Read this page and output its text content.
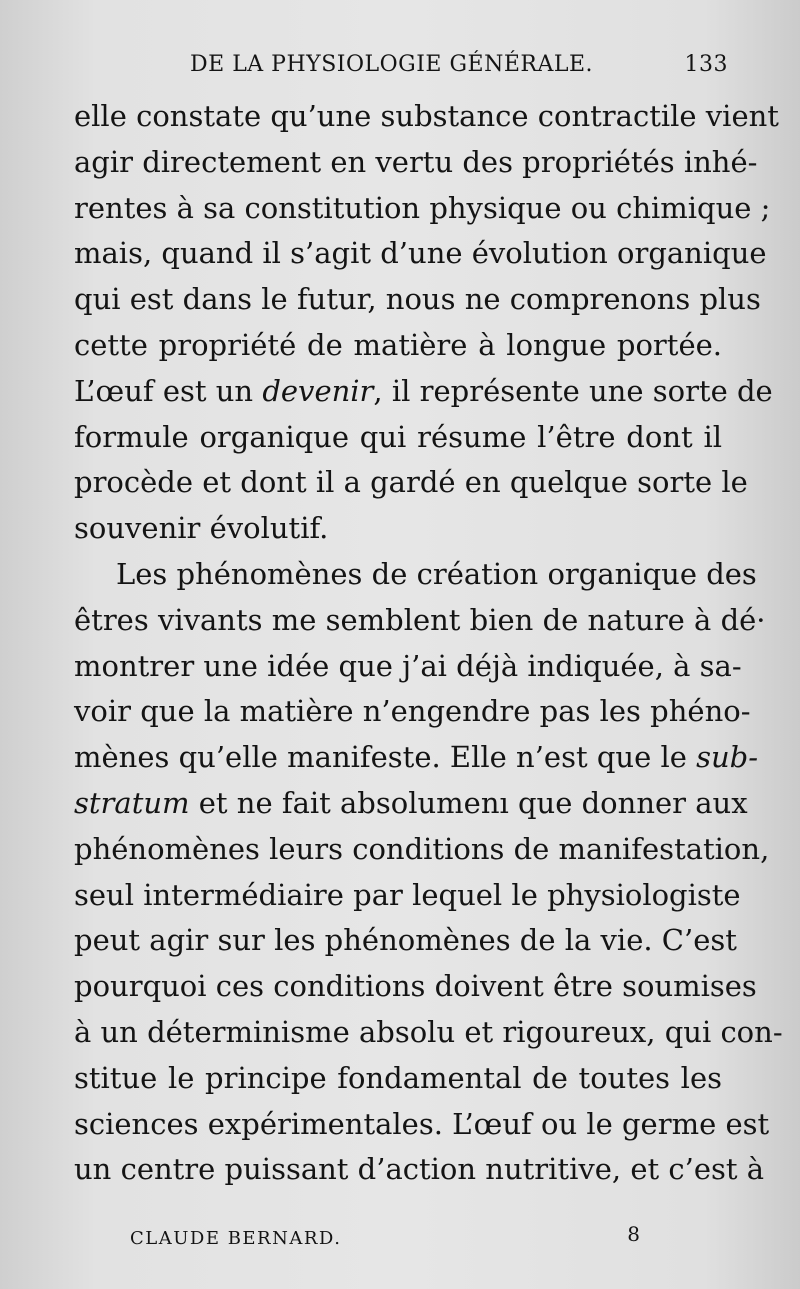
DE LA PHYSIOLOGIE GÉNÉRALE.	133
elle constate qu’une substance contractile vient
agir directement en vertu des propriétés inhé-
rentes à sa constitution physique ou chimique ;
mais, quand il s’agit d’une évolution organique
qui est dans le futur, nous ne comprenons plus
cette propriété de matière à longue portée.
L’œuf est un devenir, il représente une sorte de
formule organique qui résume l’être dont il
procède et dont il a gardé en quelque sorte le
souvenir évolutif.
Les phénomènes de création organique des
êtres vivants me semblent bien de nature à dé·
montrer une idée que j’ai déjà indiquée, à sa-
voir que la matière n’engendre pas les phéno-
mènes qu’elle manifeste. Elle n’est que le sub-
stratum et ne fait absolumenı que donner aux
phénomènes leurs conditions de manifestation,
seul intermédiaire par lequel le physiologiste
peut agir sur les phénomènes de la vie. C’est
pourquoi ces conditions doivent être soumises
à un déterminisme absolu et rigoureux, qui con-
stitue le principe fondamental de toutes les
sciences expérimentales. L’œuf ou le germe est
un centre puissant d’action nutritive, et c’est à
CLAUDE BERNARD.	8
